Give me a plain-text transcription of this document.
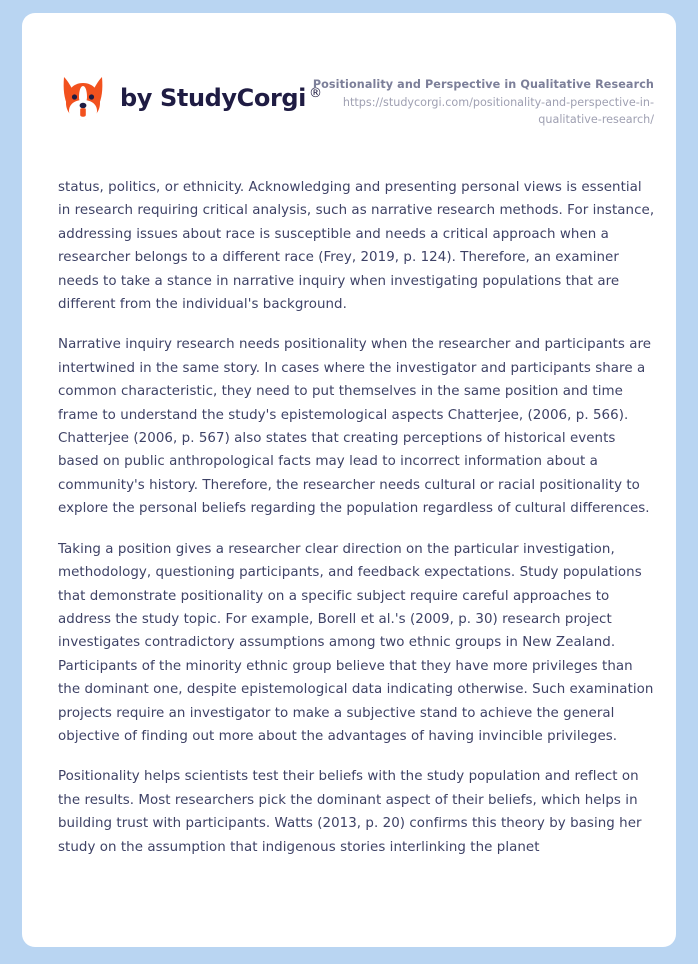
by StudyCorgi ®
Positionality and Perspective in Qualitative Research
https://studycorgi.com/positionality-and-perspective-in-qualitative-research/

status, politics, or ethnicity. Acknowledging and presenting personal views is essential in research requiring critical analysis, such as narrative research methods. For instance, addressing issues about race is susceptible and needs a critical approach when a researcher belongs to a different race (Frey, 2019, p. 124). Therefore, an examiner needs to take a stance in narrative inquiry when investigating populations that are different from the individual's background.

Narrative inquiry research needs positionality when the researcher and participants are intertwined in the same story. In cases where the investigator and participants share a common characteristic, they need to put themselves in the same position and time frame to understand the study's epistemological aspects Chatterjee, (2006, p. 566). Chatterjee (2006, p. 567) also states that creating perceptions of historical events based on public anthropological facts may lead to incorrect information about a community's history. Therefore, the researcher needs cultural or racial positionality to explore the personal beliefs regarding the population regardless of cultural differences.

Taking a position gives a researcher clear direction on the particular investigation, methodology, questioning participants, and feedback expectations. Study populations that demonstrate positionality on a specific subject require careful approaches to address the study topic. For example, Borell et al.'s (2009, p. 30) research project investigates contradictory assumptions among two ethnic groups in New Zealand. Participants of the minority ethnic group believe that they have more privileges than the dominant one, despite epistemological data indicating otherwise. Such examination projects require an investigator to make a subjective stand to achieve the general objective of finding out more about the advantages of having invincible privileges.

Positionality helps scientists test their beliefs with the study population and reflect on the results. Most researchers pick the dominant aspect of their beliefs, which helps in building trust with participants. Watts (2013, p. 20) confirms this theory by basing her study on the assumption that indigenous stories interlinking the planet
